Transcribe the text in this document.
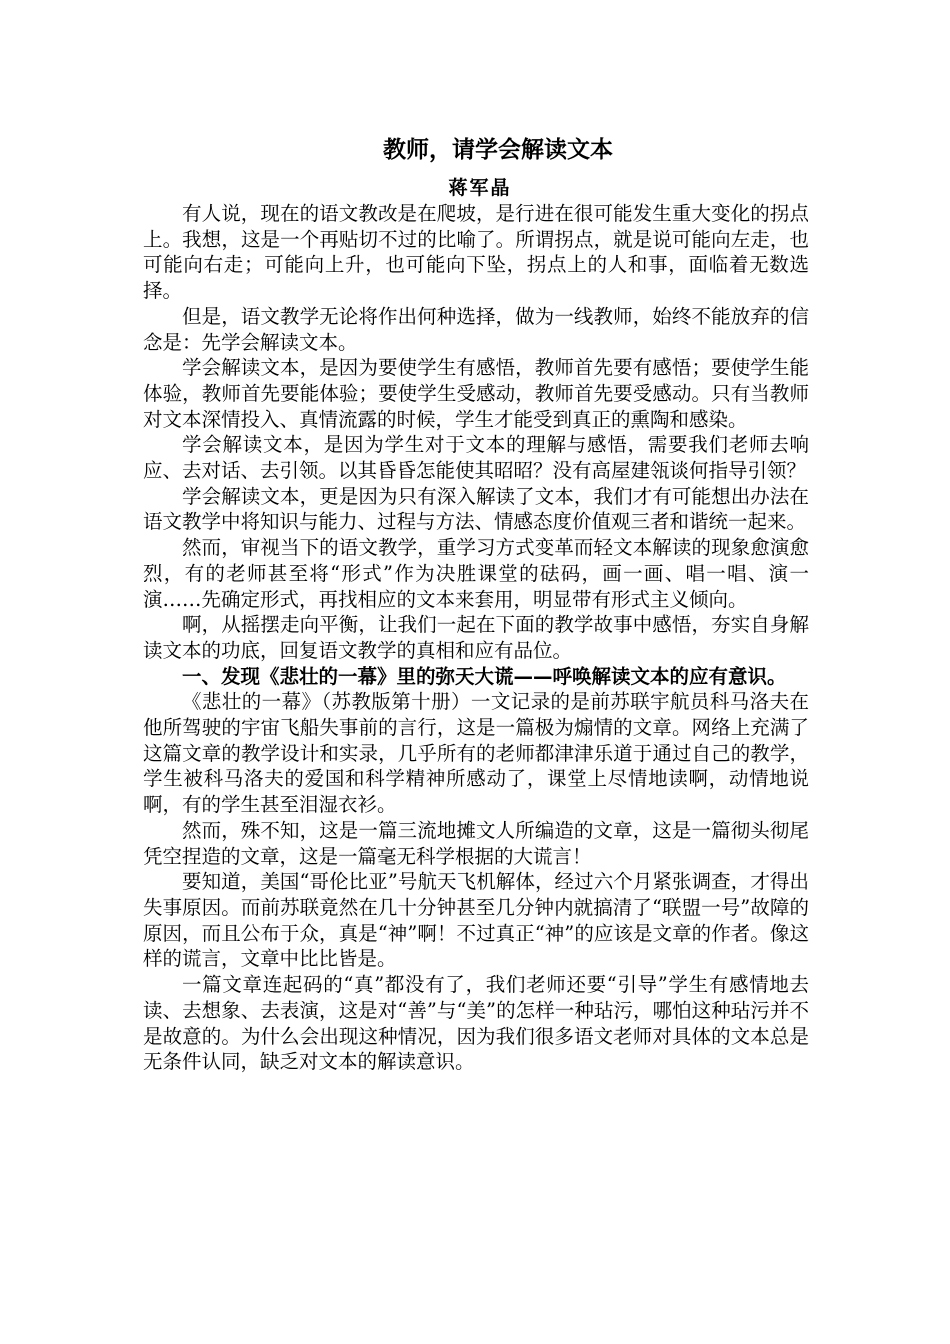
教师，请学会解读文本
蒋军晶

有人说，现在的语文教改是在爬坡，是行进在很可能发生重大变化的拐点上。我想，这是一个再贴切不过的比喻了。所谓拐点，就是说可能向左走，也可能向右走；可能向上升，也可能向下坠，拐点上的人和事，面临着无数选择。

但是，语文教学无论将作出何种选择，做为一线教师，始终不能放弃的信念是：先学会解读文本。

学会解读文本，是因为要使学生有感悟，教师首先要有感悟；要使学生能体验，教师首先要能体验；要使学生受感动，教师首先要受感动。只有当教师对文本深情投入、真情流露的时候，学生才能受到真正的熏陶和感染。

学会解读文本，是因为学生对于文本的理解与感悟，需要我们老师去响应、去对话、去引领。以其昏昏怎能使其昭昭？没有高屋建瓴谈何指导引领？

学会解读文本，更是因为只有深入解读了文本，我们才有可能想出办法在语文教学中将知识与能力、过程与方法、情感态度价值观三者和谐统一起来。

然而，审视当下的语文教学，重学习方式变革而轻文本解读的现象愈演愈烈，有的老师甚至将“形式”作为决胜课堂的砝码，画一画、唱一唱、演一演……先确定形式，再找相应的文本来套用，明显带有形式主义倾向。

啊，从摇摆走向平衡，让我们一起在下面的教学故事中感悟，夯实自身解读文本的功底，回复语文教学的真相和应有品位。

一、发现《悲壮的一幕》里的弥天大谎——呼唤解读文本的应有意识。

《悲壮的一幕》（苏教版第十册）一文记录的是前苏联宇航员科马洛夫在他所驾驶的宇宙飞船失事前的言行，这是一篇极为煽情的文章。网络上充满了这篇文章的教学设计和实录，几乎所有的老师都津津乐道于通过自己的教学，学生被科马洛夫的爱国和科学精神所感动了，课堂上尽情地读啊，动情地说啊，有的学生甚至泪湿衣衫。

然而，殊不知，这是一篇三流地摊文人所编造的文章，这是一篇彻头彻尾凭空捏造的文章，这是一篇毫无科学根据的大谎言！

要知道，美国“哥伦比亚”号航天飞机解体，经过六个月紧张调查，才得出失事原因。而前苏联竟然在几十分钟甚至几分钟内就搞清了“联盟一号”故障的原因，而且公布于众，真是“神”啊！不过真正“神”的应该是文章的作者。像这样的谎言，文章中比比皆是。

一篇文章连起码的“真”都没有了，我们老师还要“引导”学生有感情地去读、去想象、去表演，这是对“善”与“美”的怎样一种玷污，哪怕这种玷污并不是故意的。为什么会出现这种情况，因为我们很多语文老师对具体的文本总是无条件认同，缺乏对文本的解读意识。
